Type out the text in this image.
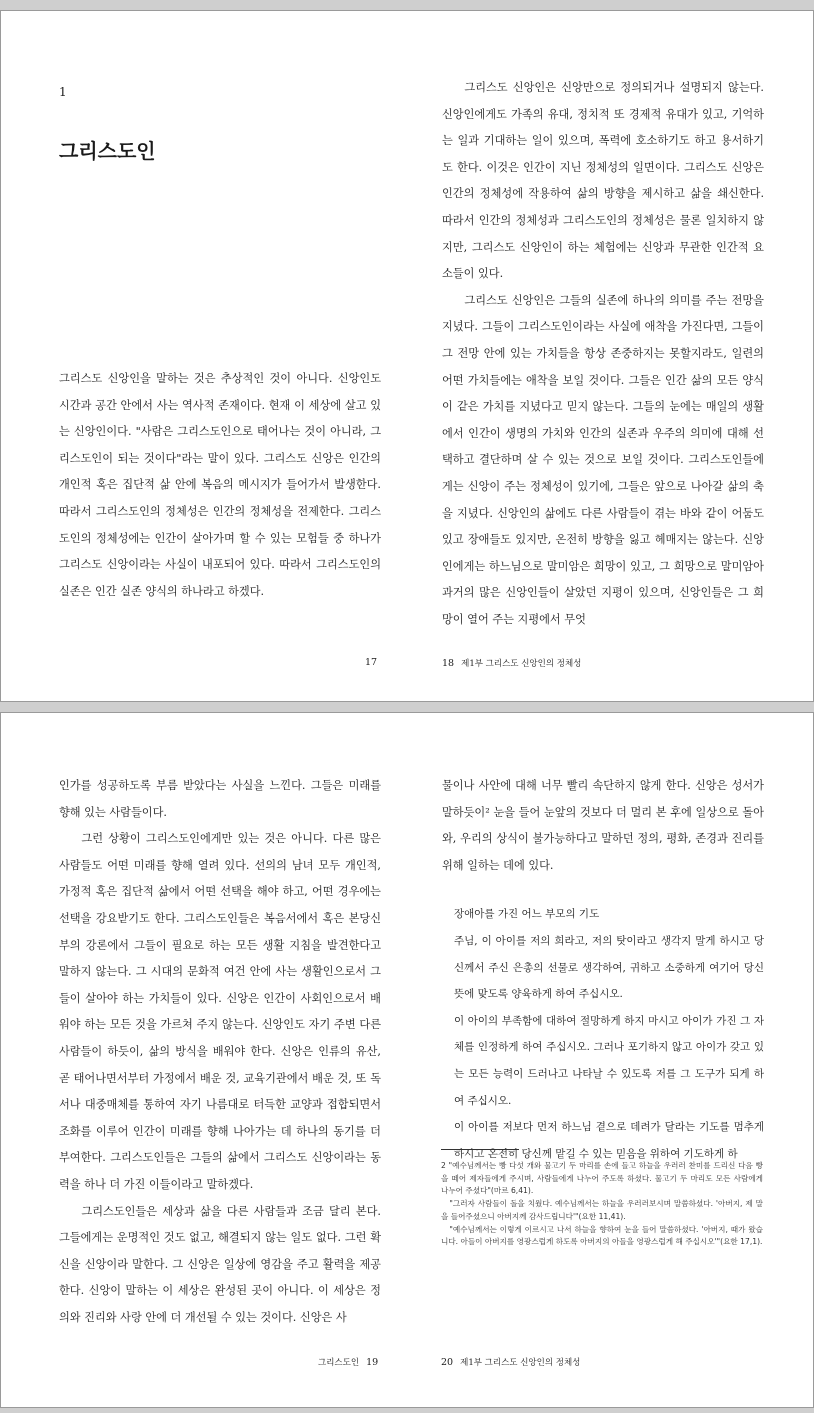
1
그리스도인

그리스도 신앙인을 말하는 것은 추상적인 것이 아니다. 신앙인도 시간과 공간 안에서 사는 역사적 존재이다. 현재 이 세상에 살고 있는 신앙인이다. "사람은 그리스도인으로 태어나는 것이 아니라, 그리스도인이 되는 것이다"라는 말이 있다. 그리스도 신앙은 인간의 개인적 혹은 집단적 삶 안에 복음의 메시지가 들어가서 발생한다. 따라서 그리스도인의 정체성은 인간의 정체성을 전제한다. 그리스도인의 정체성에는 인간이 살아가며 할 수 있는 모험들 중 하나가 그리스도 신앙이라는 사실이 내포되어 있다. 따라서 그리스도인의 실존은 인간 실존 양식의 하나라고 하겠다.

그리스도 신앙인은 신앙만으로 정의되거나 설명되지 않는다. 신앙인에게도 가족의 유대, 정치적 또 경제적 유대가 있고, 기억하는 일과 기대하는 일이 있으며, 폭력에 호소하기도 하고 용서하기도 한다. 이것은 인간이 지닌 정체성의 일면이다. 그리스도 신앙은 인간의 정체성에 작용하여 삶의 방향을 제시하고 삶을 쇄신한다. 따라서 인간의 정체성과 그리스도인의 정체성은 물론 일치하지 않지만, 그리스도 신앙인이 하는 체험에는 신앙과 무관한 인간적 요소들이 있다.

그리스도 신앙인은 그들의 실존에 하나의 의미를 주는 전망을 지녔다. 그들이 그리스도인이라는 사실에 애착을 가진다면, 그들이 그 전망 안에 있는 가치들을 항상 존중하지는 못할지라도, 일련의 어떤 가치들에는 애착을 보일 것이다. 그들은 인간 삶의 모든 양식이 같은 가치를 지녔다고 믿지 않는다. 그들의 눈에는 매일의 생활에서 인간이 생명의 가치와 인간의 실존과 우주의 의미에 대해 선택하고 결단하며 살 수 있는 것으로 보일 것이다. 그리스도인들에게는 신앙이 주는 정체성이 있기에, 그들은 앞으로 나아갈 삶의 축을 지녔다. 신앙인의 삶에도 다른 사람들이 겪는 바와 같이 어둠도 있고 장애들도 있지만, 온전히 방향을 잃고 헤매지는 않는다. 신앙인에게는 하느님으로 말미암은 희망이 있고, 그 희망으로 말미암아 과거의 많은 신앙인들이 살았던 지평이 있으며, 신앙인들은 그 희망이 열어 주는 지평에서 무엇

17	18 제1부 그리스도 신앙인의 정체성

인가를 성공하도록 부름 받았다는 사실을 느낀다. 그들은 미래를 향해 있는 사람들이다.

그런 상황이 그리스도인에게만 있는 것은 아니다. 다른 많은 사람들도 어떤 미래를 향해 열려 있다. 선의의 남녀 모두 개인적, 가정적 혹은 집단적 삶에서 어떤 선택을 해야 하고, 어떤 경우에는 선택을 강요받기도 한다. 그리스도인들은 복음서에서 혹은 본당신부의 강론에서 그들이 필요로 하는 모든 생활 지침을 발견한다고 말하지 않는다. 그 시대의 문화적 여건 안에 사는 생활인으로서 그들이 살아야 하는 가치들이 있다. 신앙은 인간이 사회인으로서 배워야 하는 모든 것을 가르쳐 주지 않는다. 신앙인도 자기 주변 다른 사람들이 하듯이, 삶의 방식을 배워야 한다. 신앙은 인류의 유산, 곧 태어나면서부터 가정에서 배운 것, 교육기관에서 배운 것, 또 독서나 대중매체를 통하여 자기 나름대로 터득한 교양과 접합되면서 조화를 이루어 인간이 미래를 향해 나아가는 데 하나의 동기를 더 부여한다. 그리스도인들은 그들의 삶에서 그리스도 신앙이라는 동력을 하나 더 가진 이들이라고 말하겠다.

그리스도인들은 세상과 삶을 다른 사람들과 조금 달리 본다. 그들에게는 운명적인 것도 없고, 해결되지 않는 일도 없다. 그런 확신을 신앙이라 말한다. 그 신앙은 일상에 영감을 주고 활력을 제공한다. 신앙이 말하는 이 세상은 완성된 곳이 아니다. 이 세상은 정의와 진리와 사랑 안에 더 개선될 수 있는 것이다. 신앙은 사

물이나 사안에 대해 너무 빨리 속단하지 않게 한다. 신앙은 성서가 말하듯이² 눈을 들어 눈앞의 것보다 더 멀리 본 후에 일상으로 돌아와, 우리의 상식이 불가능하다고 말하던 정의, 평화, 존경과 진리를 위해 일하는 데에 있다.

장애아를 가진 어느 부모의 기도

주님, 이 아이를 저의 희라고, 저의 탓이라고 생각지 말게 하시고 당신께서 주신 은총의 선물로 생각하여, 귀하고 소중하게 여기어 당신 뜻에 맞도록 양육하게 하여 주십시오.

이 아이의 부족함에 대하여 절망하게 하지 마시고 아이가 가진 그 자체를 인정하게 하여 주십시오. 그러나 포기하지 않고 아이가 갖고 있는 모든 능력이 드러나고 나타날 수 있도록 저를 그 도구가 되게 하여 주십시오.

이 아이를 저보다 먼저 하느님 곁으로 데려가 달라는 기도를 멈추게 하시고 온전히 당신께 맡길 수 있는 믿음을 위하여 기도하게 하

2 "예수님께서는 빵 다섯 개와 물고기 두 마리를 손에 들고 하늘을 우러러 찬미를 드리신 다음 빵을 떼어 제자들에게 주시며, 사람들에게 나누어 주도록 하셨다. 물고기 두 마리도 모든 사람에게 나누어 주셨다"(마르 6,41).

"그러자 사람들이 돌을 치웠다. 예수님께서는 하늘을 우러러보시며 말씀하셨다. '아버지, 제 말을 들어주셨으니 아버지께 감사드립니다'"(요한 11,41).

"예수님께서는 이렇게 이르시고 나서 하늘을 향하여 눈을 들어 말씀하셨다. '아버지, 때가 왔습니다. 아들이 아버지를 영광스럽게 하도록 아버지의 아들을 영광스럽게 해 주십시오'"(요한 17,1).

그리스도인 19	20 제1부 그리스도 신앙인의 정체성
